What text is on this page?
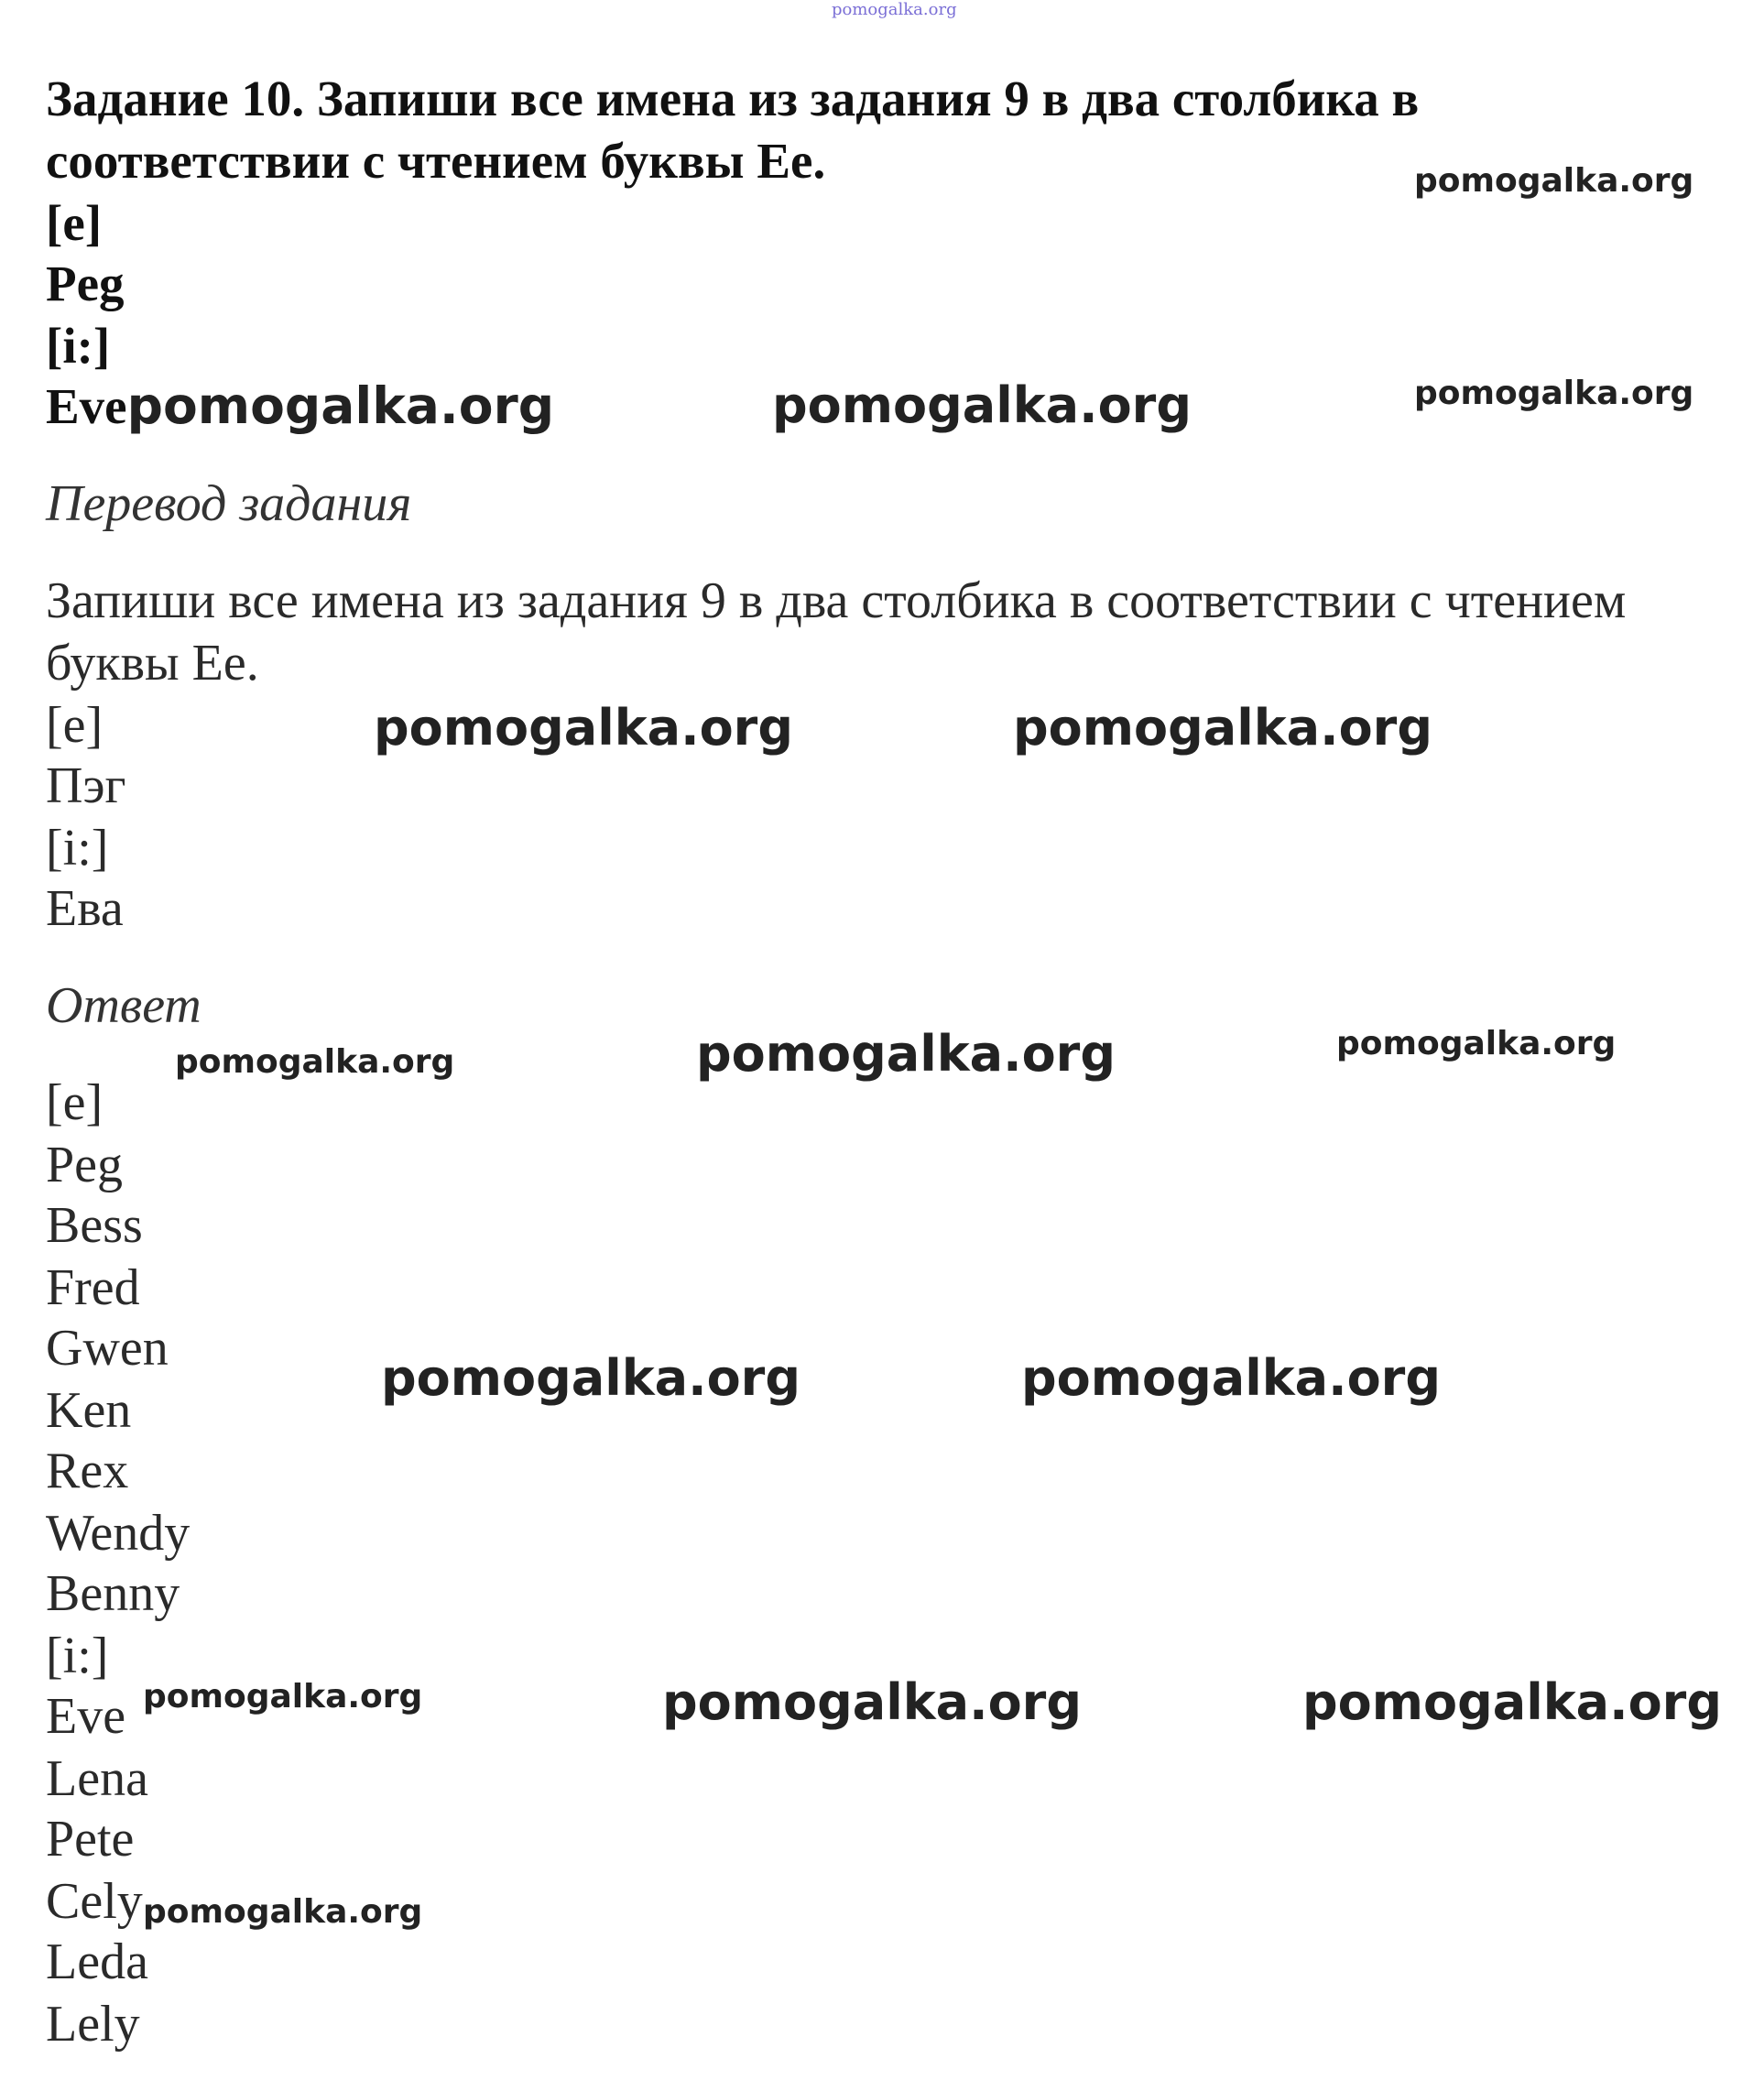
pomogalka.org
Задание 10. Запиши все имена из задания 9 в два столбика в
соответствии с чтением буквы Ee.
[e]
Peg
[i:]
Evepomogalka.org
Перевод задания
Запиши все имена из задания 9 в два столбика в соответствии с чтением
буквы Ee.
[e]
Пэг
[i:]
Ева
Ответ
[e]
Peg
Bess
Fred
Gwen
Ken
Rex
Wendy
Benny
[i:]
Eve
Lena
Pete
Cely
Leda
Lely
pomogalka.org
pomogalka.org	pomogalka.org
pomogalka.org	pomogalka.org
pomogalka.org	pomogalka.org	pomogalka.org
pomogalka.org	pomogalka.org
pomogalka.org	pomogalka.org	pomogalka.org
pomogalka.org
